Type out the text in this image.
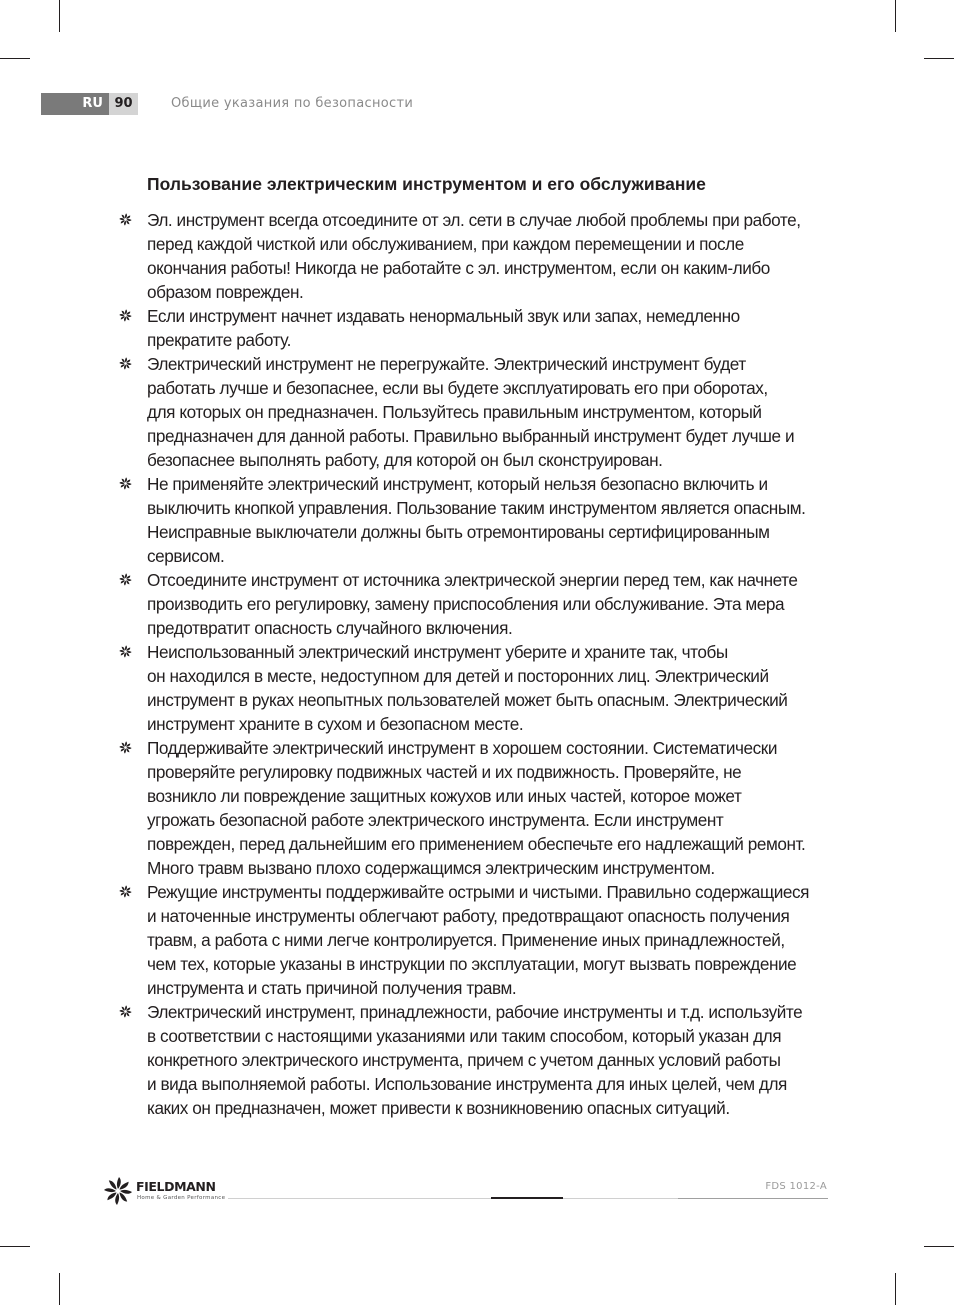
RU 90	Общие указания по безопасности
Пользование электрическим инструментом и его обслуживание
Эл. инструмент всегда отсоедините от эл. сети в случае любой проблемы при работе,
перед каждой чисткой или обслуживанием, при каждом перемещении и после
окончания работы! Никогда не работайте с эл. инструментом, если он каким-либо
образом поврежден.
Если инструмент начнет издавать ненормальный звук или запах, немедленно
прекратите работу.
Электрический инструмент не перегружайте. Электрический инструмент будет
работать лучше и безопаснее, если вы будете эксплуатировать его при оборотах,
для которых он предназначен. Пользуйтесь правильным инструментом, который
предназначен для данной работы. Правильно выбранный инструмент будет лучше и
безопаснее выполнять работу, для которой он был сконструирован.
Не применяйте электрический инструмент, который нельзя безопасно включить и
выключить кнопкой управления. Пользование таким инструментом является опасным.
Неисправные выключатели должны быть отремонтированы сертифицированным
сервисом.
Отсоедините инструмент от источника электрической энергии перед тем, как начнете
производить его регулировку, замену приспособления или обслуживание. Эта мера
предотвратит опасность случайного включения.
Неиспользованный электрический инструмент уберите и храните так, чтобы
он находился в месте, недоступном для детей и посторонних лиц. Электрический
инструмент в руках неопытных пользователей может быть опасным. Электрический
инструмент храните в сухом и безопасном месте.
Поддерживайте электрический инструмент в хорошем состоянии. Систематически
проверяйте регулировку подвижных частей и их подвижность. Проверяйте, не
возникло ли повреждение защитных кожухов или иных частей, которое может
угрожать безопасной работе электрического инструмента. Если инструмент
поврежден, перед дальнейшим его применением обеспечьте его надлежащий ремонт.
Много травм вызвано плохо содержащимся электрическим инструментом.
Режущие инструменты поддерживайте острыми и чистыми. Правильно содержащиеся
и наточенные инструменты облегчают работу, предотвращают опасность получения
травм, а работа с ними легче контролируется. Применение иных принадлежностей,
чем тех, которые указаны в инструкции по эксплуатации, могут вызвать повреждение
инструмента и стать причиной получения травм.
Электрический инструмент, принадлежности, рабочие инструменты и т.д. используйте
в соответствии с настоящими указаниями или таким способом, который указан для
конкретного электрического инструмента, причем с учетом данных условий работы
и вида выполняемой работы. Использование инструмента для иных целей, чем для
каких он предназначен, может привести к возникновению опасных ситуаций.
FIELDMANN
Home & Garden Performance
FDS 1012-A
